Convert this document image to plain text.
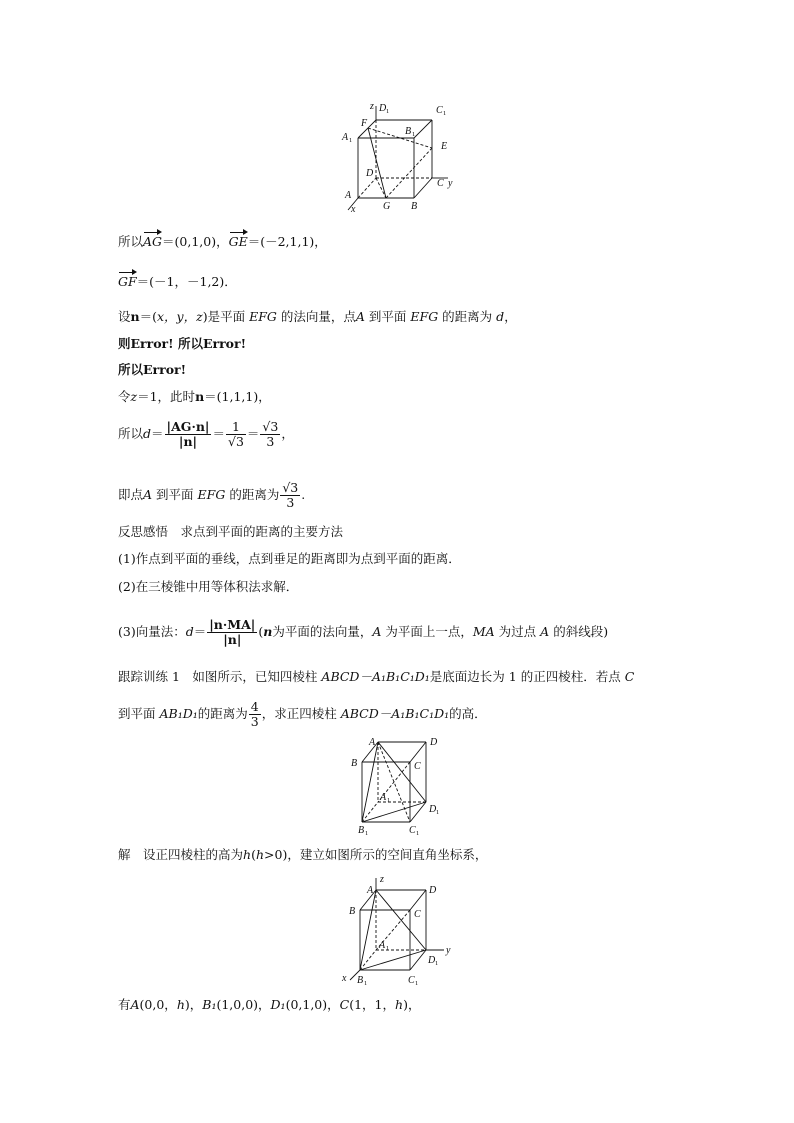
z D 1	C 1
A 1
F
B 1
E
D
C y
A
x	G B
所以AG＝(0,1,0)，GE＝(－2,1,1)，
GF＝(－1，－1,2)．
设n＝(x，y，z)是平面 EFG 的法向量，点A 到平面 EFG 的距离为 d，
则Error! 所以Error!
所以Error!
令z＝1，此时n＝(1,1,1)，
所以$d= \frac{|AG\cdot n|}{|n|} = \frac{1}{√3} = \frac{√3}{3}$ ，
即点A 到平面 EFG 的距离为 $\frac{√3}{3}$ .
反思感悟　求点到平面的距离的主要方法
(1)作点到平面的垂线，点到垂足的距离即为点到平面的距离．
(2)在三棱锥中用等体积法求解．
(3)向量法：$d= \frac{|n\cdot MA|}{|n|} (n$为平面的法向量，A 为平面上一点，MA 为过点 A 的斜线段)
跟踪训练 1　如图所示，已知四棱柱 ABCD－A₁B₁C₁D₁是底面边长为 1 的正四棱柱．若点 C
到平面 AB₁D₁的距离为 $\frac{4}{3}$ ，求正四棱柱 ABCD－A₁B₁C₁D₁的高．
A	D
B	C
A 1
D 1
B 1	C 1
解　设正四棱柱的高为h(h>0)，建立如图所示的空间直角坐标系，
z
A	D
B	C
A 1	y
D 1
x B 1	C 1
有A(0,0，h)，B₁(1,0,0)，D₁(0,1,0)，C(1，1，h)，
